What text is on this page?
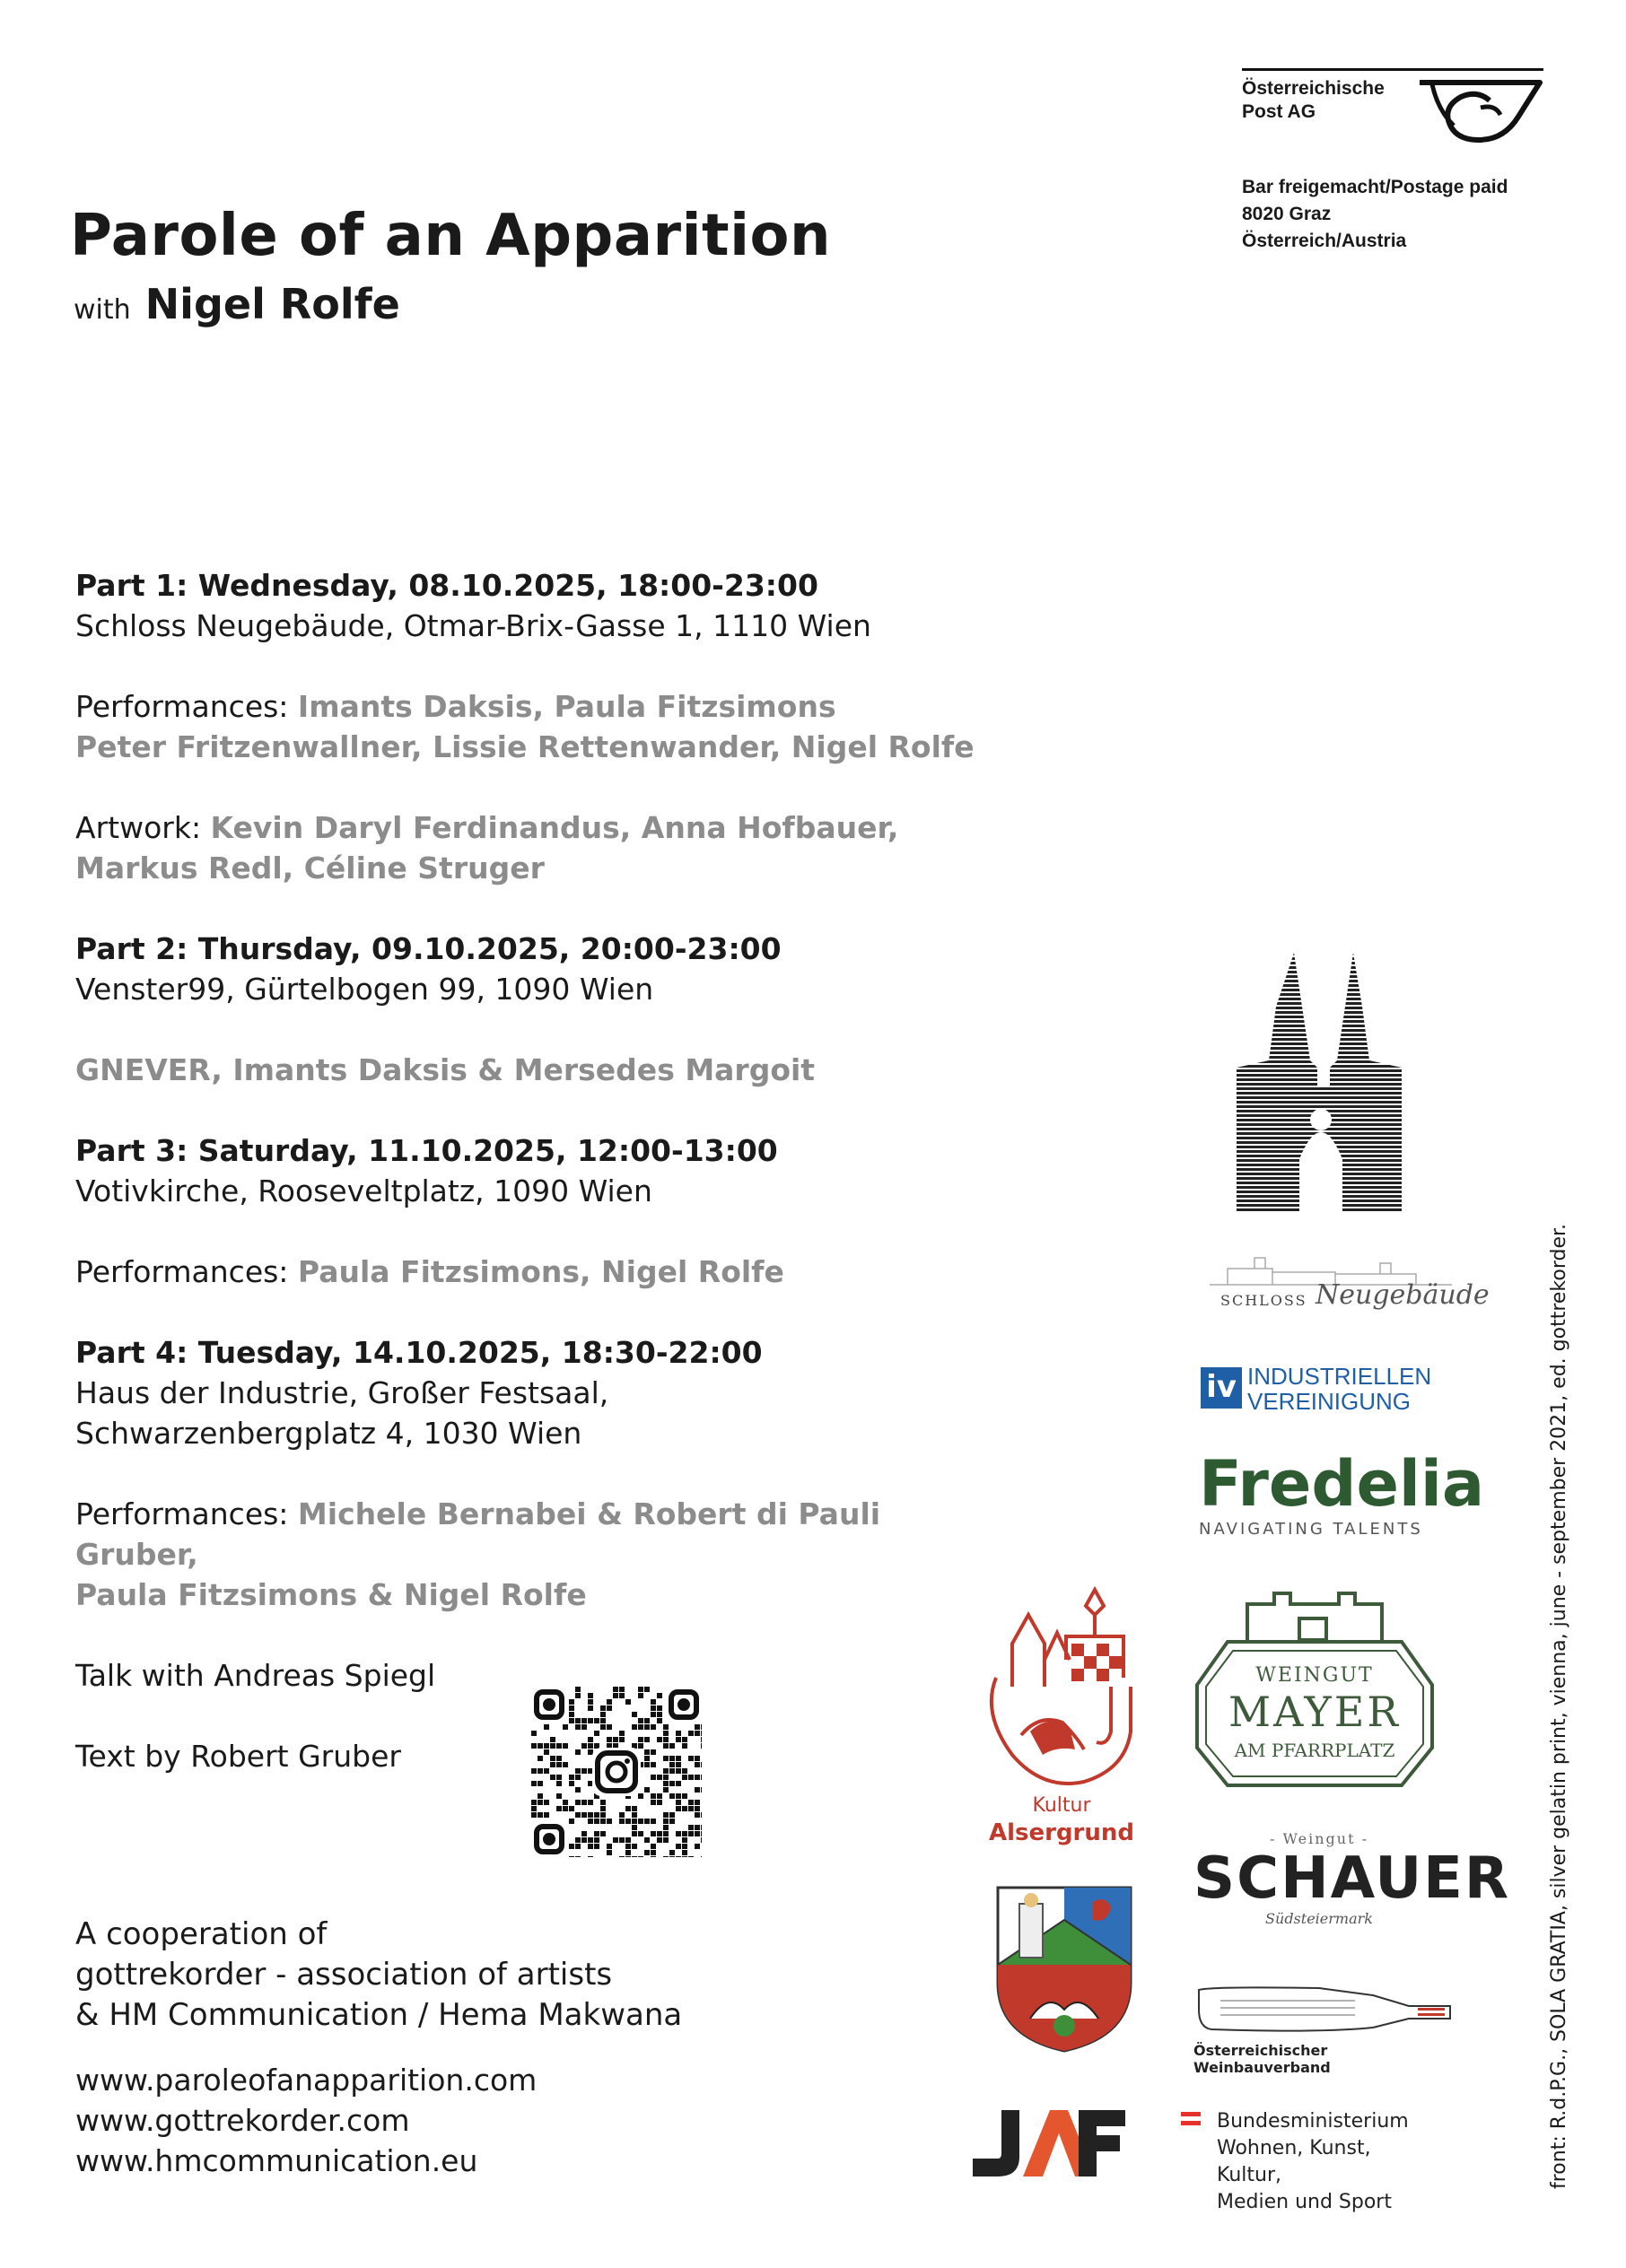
Österreichische
Post AG
Bar freigemacht/Postage paid
8020 Graz
Österreich/Austria
Parole of an Apparition
with Nigel Rolfe
Part 1: Wednesday, 08.10.2025, 18:00-23:00
Schloss Neugebäude, Otmar-Brix-Gasse 1, 1110 Wien
Performances: Imants Daksis, Paula Fitzsimons
Peter Fritzenwallner, Lissie Rettenwander, Nigel Rolfe
Artwork: Kevin Daryl Ferdinandus, Anna Hofbauer,
Markus Redl, Céline Struger
Part 2: Thursday, 09.10.2025, 20:00-23:00
Venster99, Gürtelbogen 99, 1090 Wien
GNEVER, Imants Daksis & Mersedes Margoit
Part 3: Saturday, 11.10.2025, 12:00-13:00
Votivkirche, Rooseveltplatz, 1090 Wien
Performances: Paula Fitzsimons, Nigel Rolfe
Part 4: Tuesday, 14.10.2025, 18:30-22:00
Haus der Industrie, Großer Festsaal,
Schwarzenbergplatz 4, 1030 Wien
Performances: Michele Bernabei & Robert di Pauli Gruber,
Paula Fitzsimons & Nigel Rolfe
Talk with Andreas Spiegl
Text by Robert Gruber
A cooperation of
gottrekorder - association of artists
& HM Communication / Hema Makwana
www.paroleofanapparition.com
www.gottrekorder.com
www.hmcommunication.eu	front: R.d.P.G., SOLA GRATIA, silver gelatin print, vienna, june - september 2021, ed. gottrekorder.
SCHLOSS Neugebäude
iv INDUSTRIELLEN
VEREINIGUNG
Fredelia
NAVIGATING TALENTS
WEINGUT
MAYER
AM PFARRPLATZ
Kultur
Alsergrund	- Weingut -
SCHAUER
Südsteiermark
Österreichischer Weinbauverband
Bundesministerium
Wohnen, Kunst, Kultur,
Medien und Sport
